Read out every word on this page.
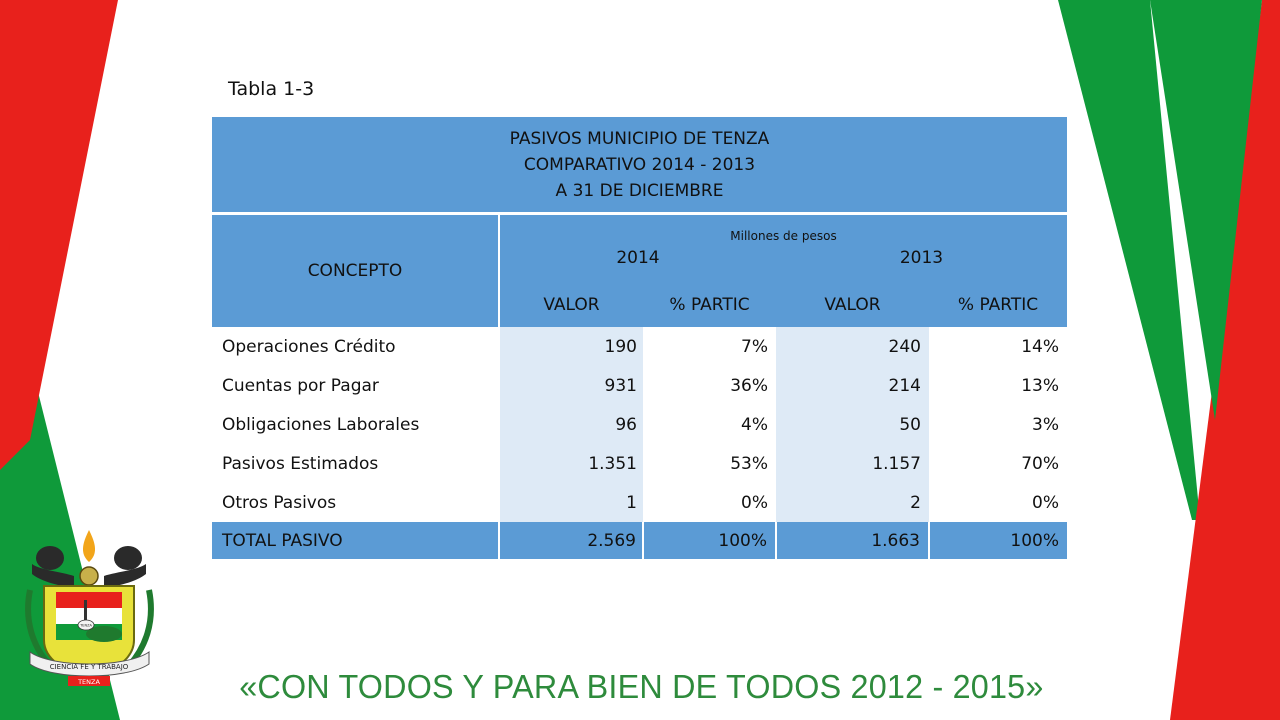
Tabla 1-3
PASIVOS MUNICIPIO DE TENZA
COMPARATIVO 2014 - 2013
A 31 DE DICIEMBRE				

CONCEPTO	Millones de pesos			
	2014		2013	
	VALOR	% PARTIC	VALOR	% PARTIC
Operaciones Crédito	190	7%	240	14%
Cuentas por Pagar	931	36%	214	13%
Obligaciones Laborales	96	4%	50	3%
Pasivos Estimados	1.351	53%	1.157	70%
Otros Pasivos	1	0%	2	0%
TOTAL PASIVO	2.569	100%	1.663	100%
TENZA
CIENCIA FE Y TRABAJO
TENZA	«CON TODOS Y PARA BIEN DE TODOS 2012 - 2015»
